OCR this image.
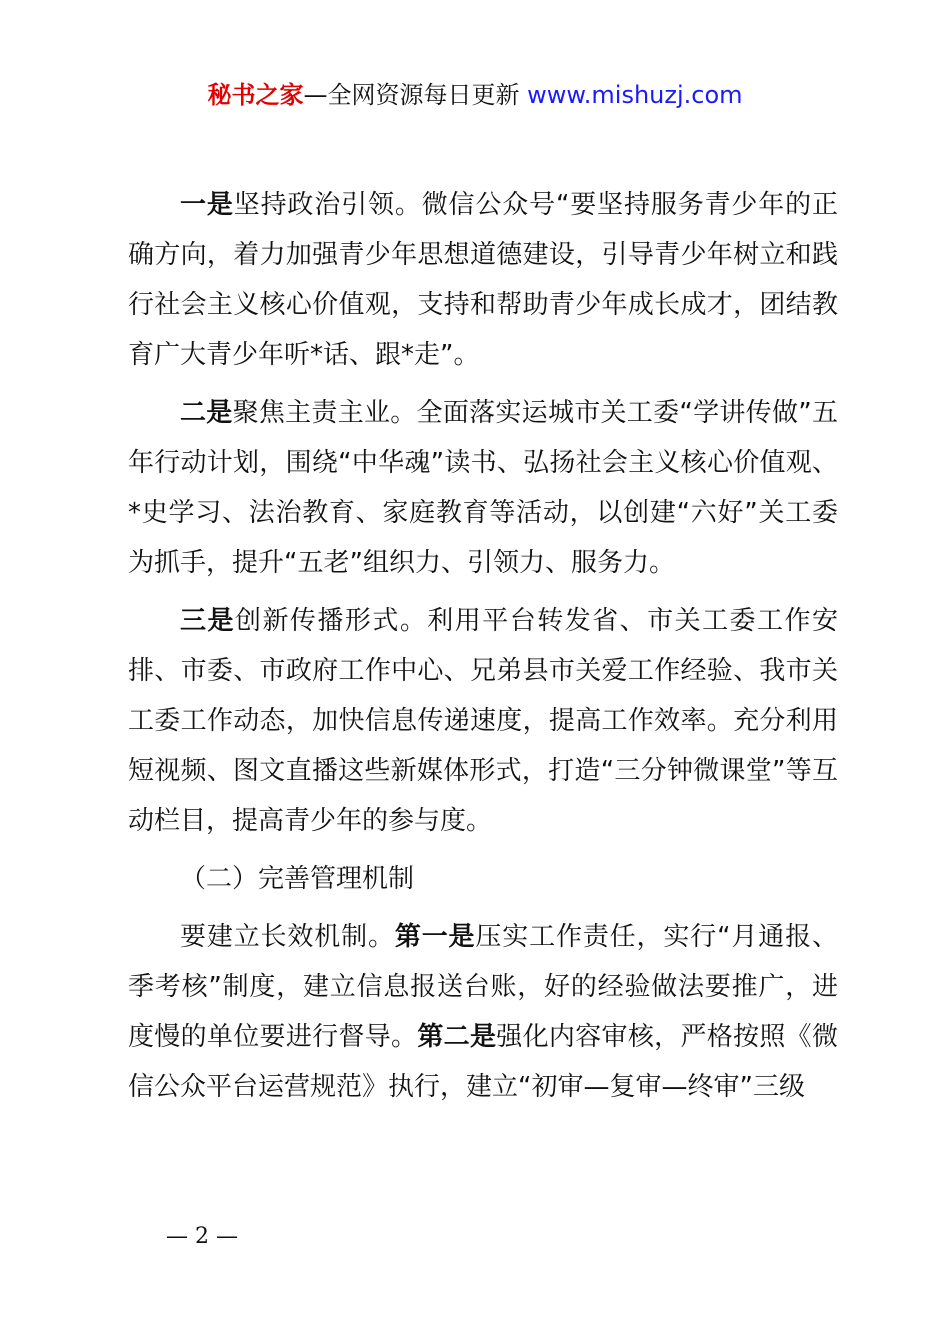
秘书之家—全网资源每日更新 www.mishuzj.com

一是坚持政治引领。微信公众号“要坚持服务青少年的正确方向，着力加强青少年思想道德建设，引导青少年树立和践行社会主义核心价值观，支持和帮助青少年成长成才，团结教育广大青少年听*话、跟*走”。

二是聚焦主责主业。全面落实运城市关工委“学讲传做”五年行动计划，围绕“中华魂”读书、弘扬社会主义核心价值观、*史学习、法治教育、家庭教育等活动，以创建“六好”关工委为抓手，提升“五老”组织力、引领力、服务力。

三是创新传播形式。利用平台转发省、市关工委工作安排、市委、市政府工作中心、兄弟县市关爱工作经验、我市关工委工作动态，加快信息传递速度，提高工作效率。充分利用短视频、图文直播这些新媒体形式，打造“三分钟微课堂”等互动栏目，提高青少年的参与度。

（二）完善管理机制

要建立长效机制。第一是压实工作责任，实行“月通报、季考核”制度，建立信息报送台账，好的经验做法要推广，进度慢的单位要进行督导。第二是强化内容审核，严格按照《微信公众平台运营规范》执行，建立“初审—复审—终审”三级

— 2 —
